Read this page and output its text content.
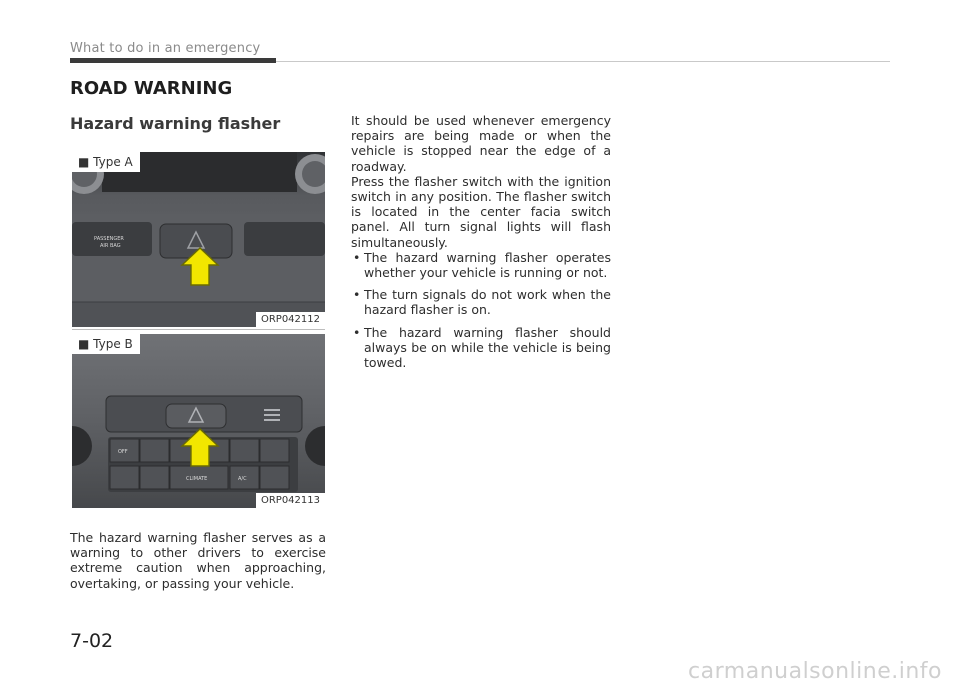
What to do in an emergency
ROAD WARNING
Hazard warning flasher
PASSENGER
AIR BAG
■ Type A
ORP042112
OFF
CLIMATE	A/C
■ Type B
ORP042113
The hazard warning flasher serves as a warning to other drivers to exercise extreme caution when approaching, overtaking, or passing your vehicle.

It should be used whenever emergency repairs are being made or when the vehicle is stopped near the edge of a roadway.

Press the flasher switch with the ignition switch in any position. The flasher switch is located in the center facia switch panel. All turn signal lights will flash simultaneously.

• The hazard warning flasher operates whether your vehicle is running or not.
• The turn signals do not work when the hazard flasher is on.
• The hazard warning flasher should always be on while the vehicle is being towed.
7-02
carmanualsonline.info
